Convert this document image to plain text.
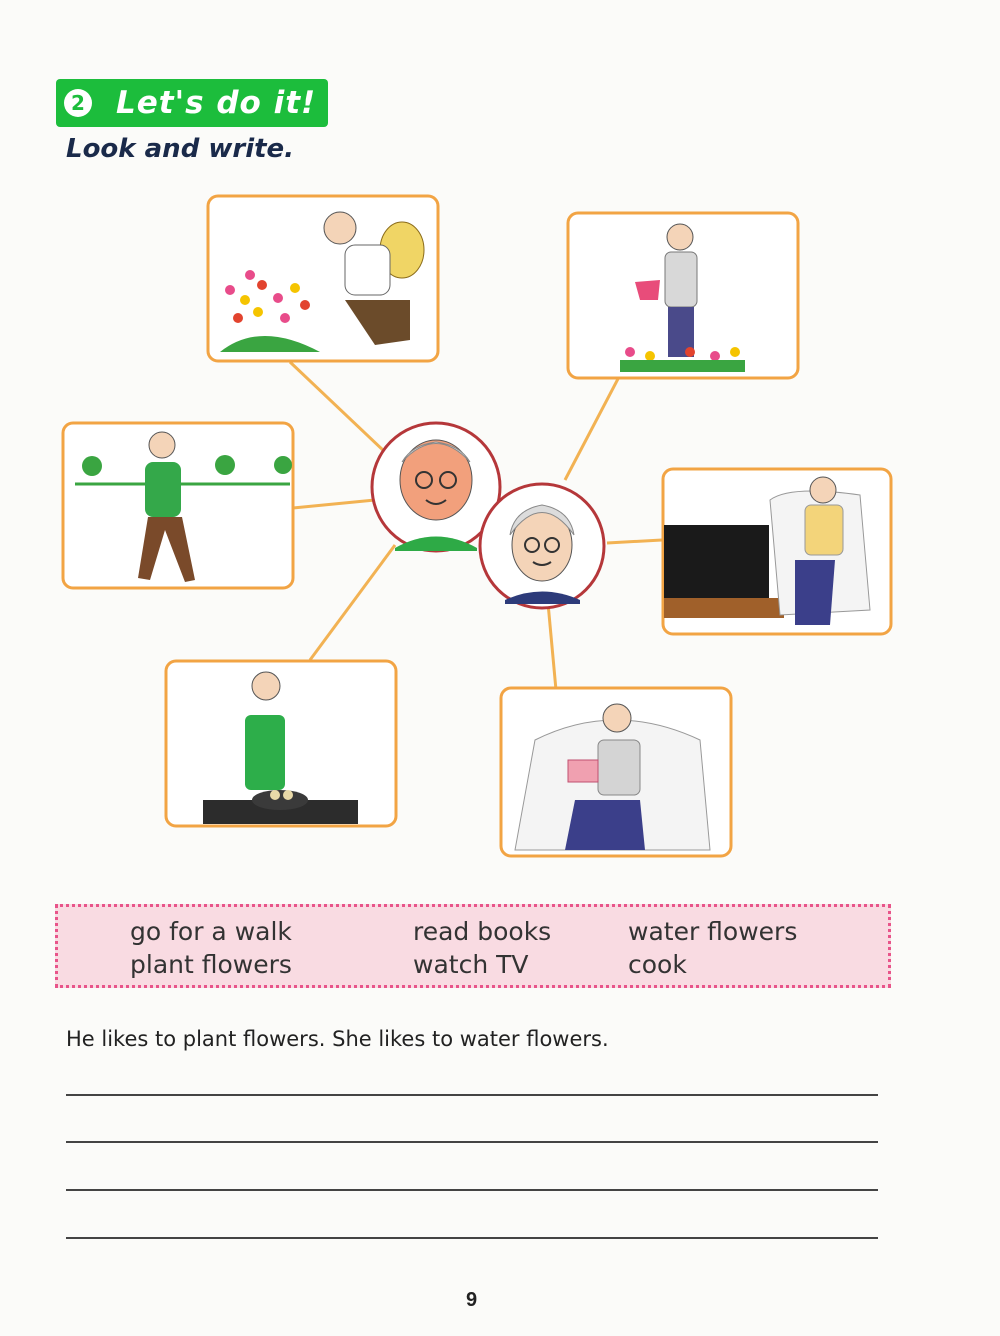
2 Let's do it!
Look and write.
go for a walk	read books	water flowers
plant flowers	watch TV	cook
He likes to plant flowers. She likes to water flowers.
9
